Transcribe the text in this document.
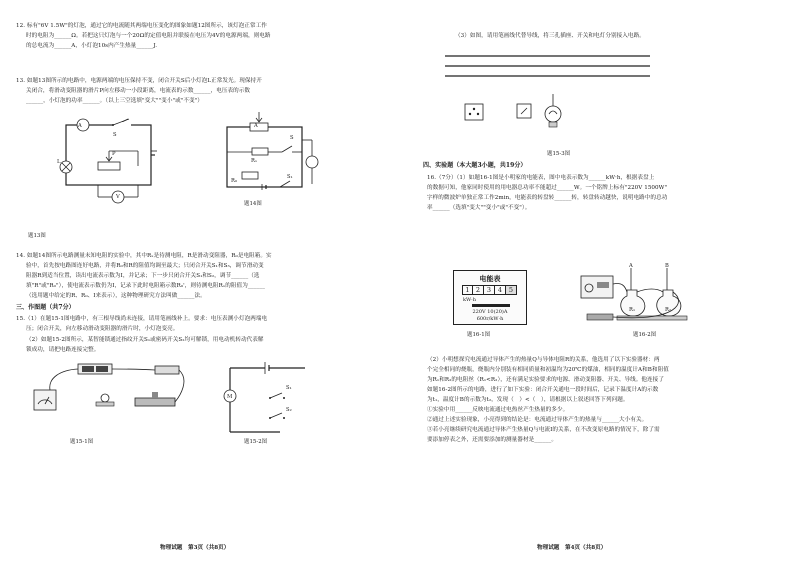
12. 标有"6V 1.5W"的灯泡，通过它的电流随其两端电压变化的图象如题12图所示，该灯泡正常工作
时的电阻为______Ω。若把这只灯泡与一个20Ω的定值电阻并联接在电压为4V的电源两端，则电路
的总电流为______A，小灯泡10s内产生热量______J.
13. 如题13图所示的电路中，电源两端的电压保持不变，闭合开关S后小灯泡L正常发光。现保持开
关闭合，将滑动变阻器的滑片P向左移动一小段距离，电流表的示数______，电压表的示数
______，小灯泡的功率______。（以上三空选填"变大""变小"或"不变"）
A
S
L
P
V
题13图
A
S
Rₓ
R₀
S₁
题14图
14. 如题14图所示电路测量未知电阻的实验中，其中Rₓ是待测电阻，R是滑动变阻器，R₀是电阻箱。实
验中，首先按电路图连好电路，并将R₀和R的阻值均调至最大；只闭合开关S₁和S₃，调节滑动变
阻器R到适当位置，读出电流表示数为I，并记录；下一步只闭合开关S₁和S₂，调节______（选
填"R"或"R₀"），使电流表示数仍为I，记录下此时电阻箱示数R₀'，则待测电阻Rₓ的阻值为______
（选用题中给定的R、R₀、I来表示），这种物理研究方法叫做______法。
三、作图题（共7分）
15.（1）在题15-1图电路中，有三根导线尚未连接，请用笔画线补上。要求：电压表测小灯泡两端电
压；闭合开关，向左移动滑动变阻器的滑片时，小灯泡变亮。
（2）如题15-2图所示，某智能锁通过指纹开关S₁或密码开关S₂均可解锁，用电动机转动代表解
锁成功，请把电路连接完整。
题15-1图
M
S₁
S₂
题15-2图
物理试题　第3页（共8页）
（3）如图，请用笔画线代替导线，将三孔插座、开关和电灯分别接入电路。
题15-3图
四、实验题（本大题3小题，共19分）
16.（7分）（1）如题16-1图是小明家的电能表，图中电表示数为______kW·h，根据表盘上
的数据可知，他家同时使用的用电器总功率不能超过______W。一个铭牌上标有"220V 1500W"
字样的微波炉单独正常工作2min，电能表的转盘转______转，转盘转动越快，说明电路中的总功
率______（选填"变大""变小"或"不变"）。
电能表
1 2	3	4	5
kW·h
220V 10(20)A
600r/kW·h
题16-1图
A	B
R₁	R₂
题16-2图
（2）小明想探究电流通过导体产生的热量Q与导体电阻R的关系，他选用了以下实验器材：两
个完全相同的烧瓶，烧瓶内分别装有相同质量和初温均为20℃的煤油，相同的温度计A和B和阻值
为R₁和R₂的电阻丝（R₁<R₂），还有满足实验要求的电源、滑动变阻器、开关、导线。他连接了
如题16-2图所示的电路，进行了如下实验：闭合开关通电一段时间后，记录下温度计A的示数
为t₁，温度计B的示数为t₂，发现（　）<（　），请根据以上叙述回答下列问题。
①实验中用______反映电流通过电热丝产生热量的多少。
②通过上述实验现象，小亮得到的结论是：电流通过导体产生的热量与______大小有关。
③若小亮继续研究电流通过导体产生热量Q与电流I的关系，在不改变原电路的情况下，除了需
要添加停表之外，还需要添加的测量器材是______。
物理试题　第4页（共8页）
